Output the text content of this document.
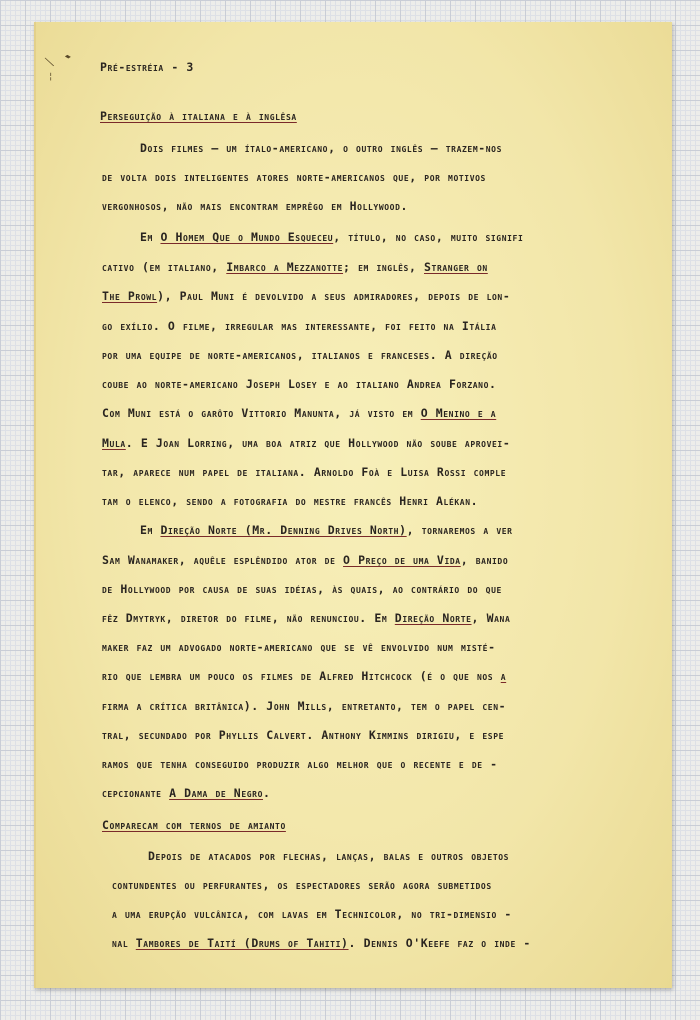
╲
▰
¦

Pré-estréia - 3

Perseguição à italiana e à inglêsa

Dois filmes — um ítalo-americano, o outro inglês — trazem-nos

de volta dois inteligentes atores norte-americanos que, por motivos

vergonhosos, não mais encontram emprêgo em Hollywood.

Em O Homem Que o Mundo Esqueceu, título, no caso, muito signifi

cativo (em italiano, Imbarco a Mezzanotte; em inglês, Stranger on

The Prowl), Paul Muni é devolvido a seus admiradores, depois de lon-

go exílio. O filme, irregular mas interessante, foi feito na Itália

por uma equipe de norte-americanos, italianos e franceses. A direção

coube ao norte-americano Joseph Losey e ao italiano Andrea Forzano.

Com Muni está o garôto Vittorio Manunta, já visto em O Menino e a

Mula. E Joan Lorring, uma boa atriz que Hollywood não soube aprovei-

tar, aparece num papel de italiana. Arnoldo Foà e Luisa Rossi comple

tam o elenco, sendo a fotografia do mestre francês Henri Alékan.

Em Direção Norte (Mr. Denning Drives North), tornaremos a ver

Sam Wanamaker, aquêle esplêndido ator de O Preço de uma Vida, banido

de Hollywood por causa de suas idéias, às quais, ao contrário do que

fêz Dmytryk, diretor do filme, não renunciou. Em Direção Norte, Wana

maker faz um advogado norte-americano que se vê envolvido num misté-

rio que lembra um pouco os filmes de Alfred Hitchcock (é o que nos a

firma a crítica britânica). John Mills, entretanto, tem o papel cen-

tral, secundado por Phyllis Calvert. Anthony Kimmins dirigiu, e espe

ramos que tenha conseguido produzir algo melhor que o recente e de -

cepcionante A Dama de Negro.

Comparecam com ternos de amianto

Depois de atacados por flechas, lanças, balas e outros objetos

contundentes ou perfurantes, os espectadores serão agora submetidos

a uma erupção vulcânica, com lavas em Technicolor, no tri-dimensio -

nal Tambores de Taití (Drums of Tahiti). Dennis O'Keefe faz o inde -
